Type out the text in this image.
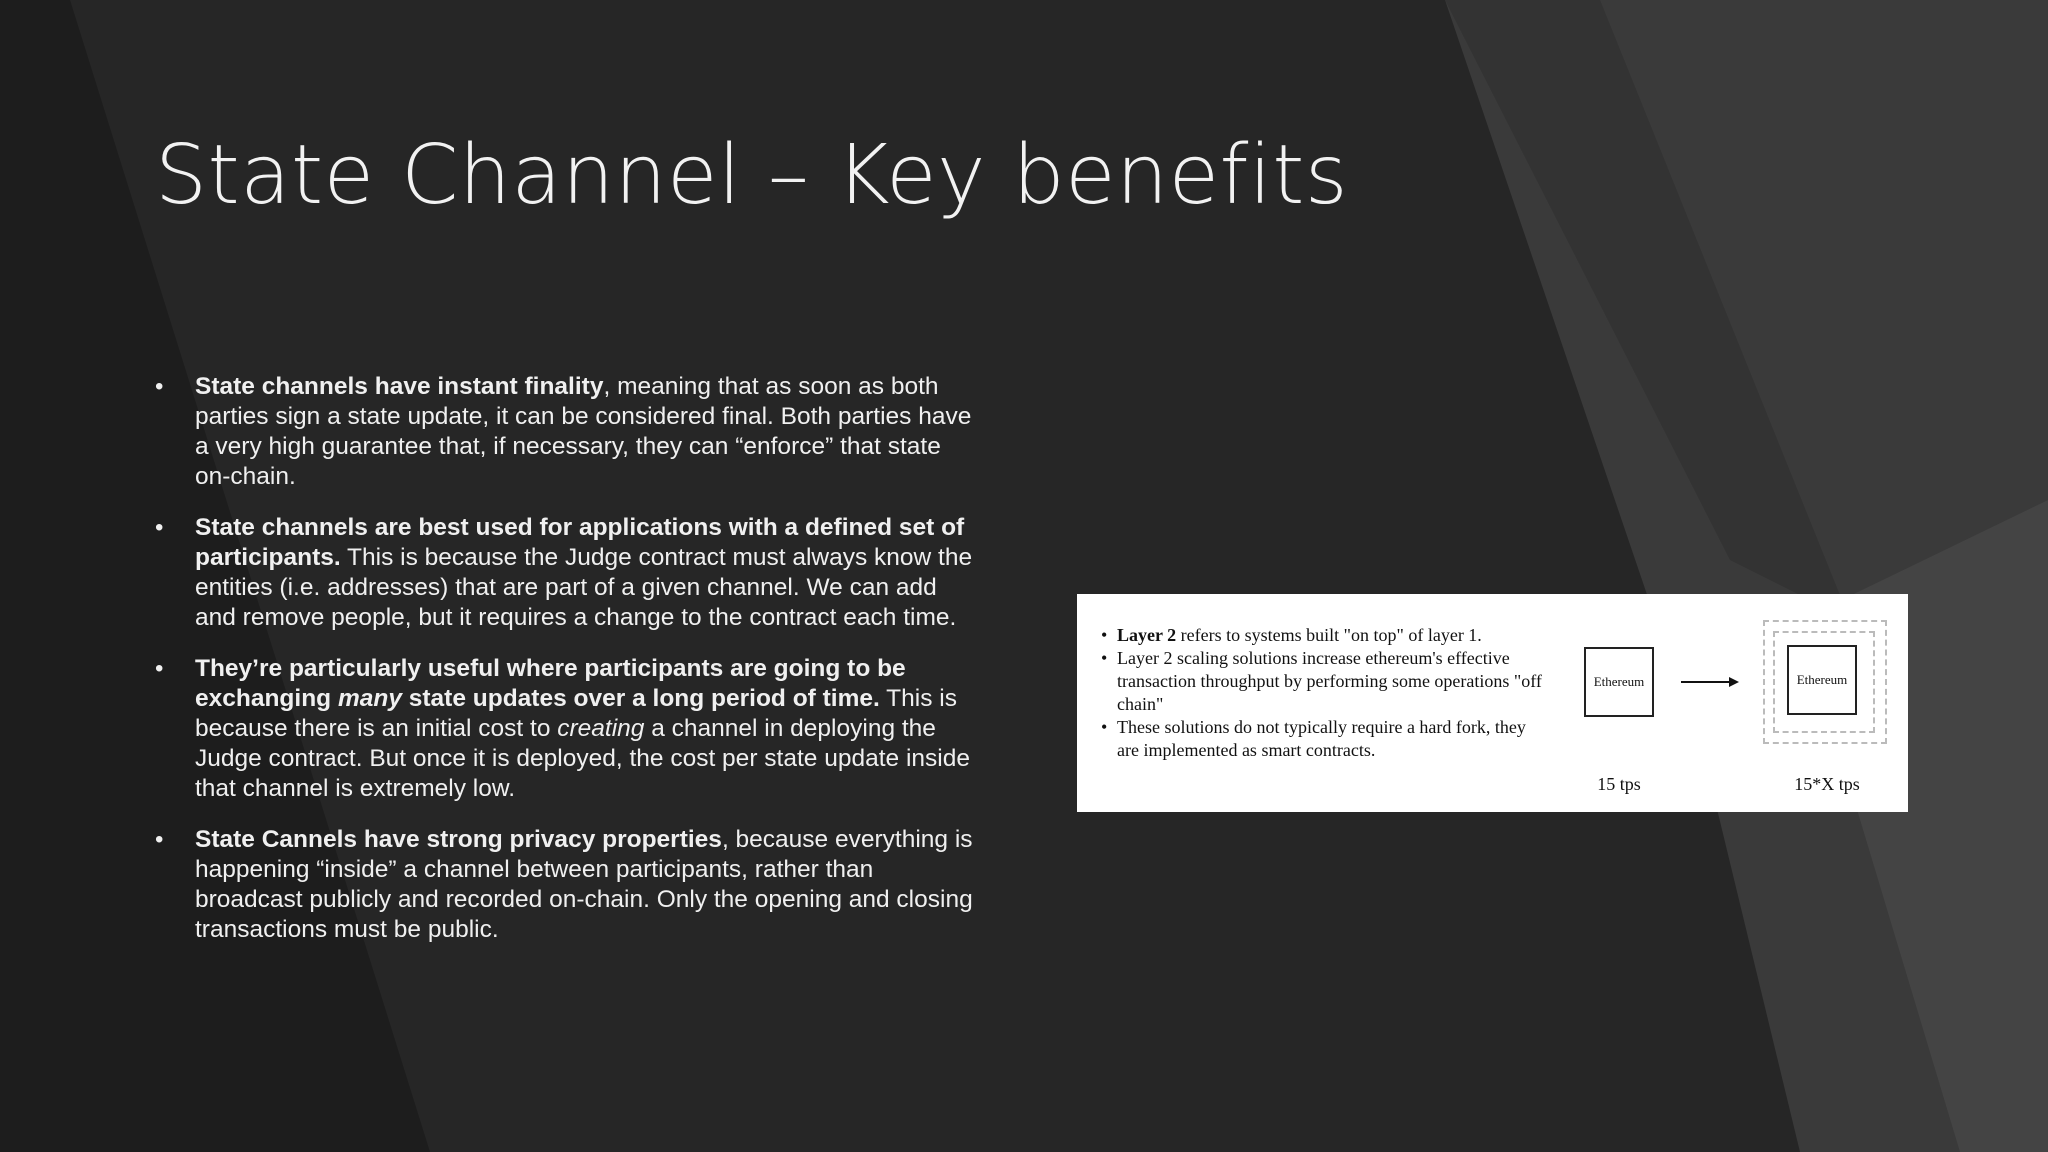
State Channel – Key benefits
• State channels have instant finality, meaning that as soon as both parties sign a state update, it can be considered final. Both parties have a very high guarantee that, if necessary, they can “enforce” that state on-chain.
• State channels are best used for applications with a defined set of participants. This is because the Judge contract must always know the entities (i.e. addresses) that are part of a given channel. We can add and remove people, but it requires a change to the contract each time.
• They’re particularly useful where participants are going to be exchanging many state updates over a long period of time. This is because there is an initial cost to creating a channel in deploying the Judge contract. But once it is deployed, the cost per state update inside that channel is extremely low.
• State Cannels have strong privacy properties, because everything is happening “inside” a channel between participants, rather than broadcast publicly and recorded on-chain. Only the opening and closing transactions must be public.
• Layer 2 refers to systems built "on top" of layer 1.
• Layer 2 scaling solutions increase ethereum's effective transaction throughput by performing some operations "off chain"
• These solutions do not typically require a hard fork, they are implemented as smart contracts.
Ethereum	Ethereum
15 tps	15*X tps
